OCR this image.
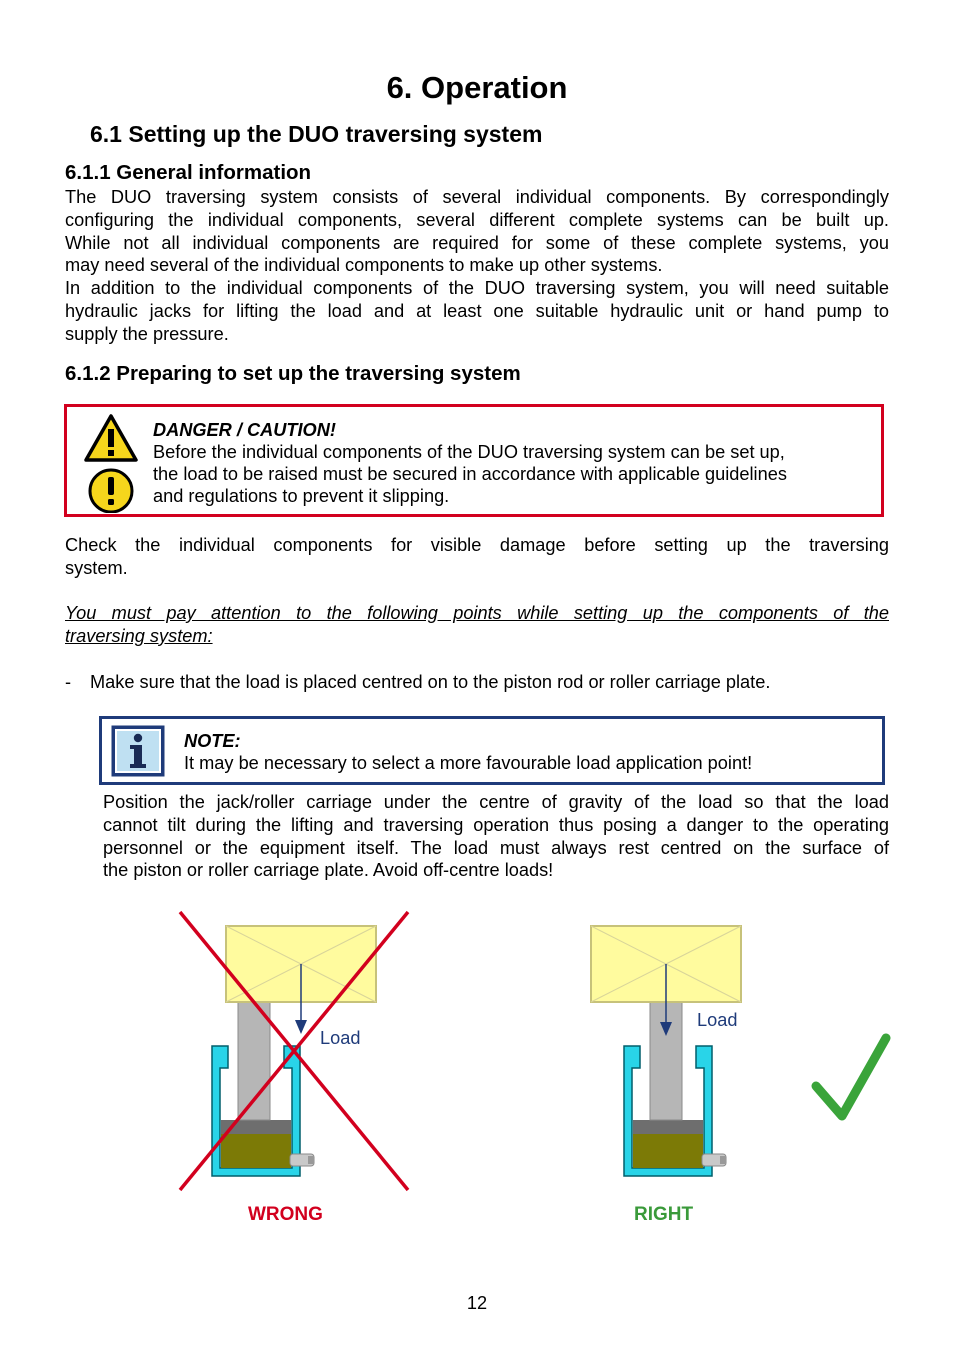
6. Operation
6.1 Setting up the DUO traversing system
6.1.1 General information
The DUO traversing system consists of several individual components. By correspondingly
configuring the individual components, several different complete systems can be built up.
While not all individual components are required for some of these complete systems, you
may need several of the individual components to make up other systems.
In addition to the individual components of the DUO traversing system, you will need suitable
hydraulic jacks for lifting the load and at least one suitable hydraulic unit or hand pump to
supply the pressure.
6.1.2 Preparing to set up the traversing system
DANGER / CAUTION!
Before the individual components of the DUO traversing system can be set up,
the load to be raised must be secured in accordance with applicable guidelines
and regulations to prevent it slipping.
Check the individual components for visible damage before setting up the traversing
system.
You must pay attention to the following points while setting up the components of the
traversing system:
- Make sure that the load is placed centred on to the piston rod or roller carriage plate.
NOTE:
It may be necessary to select a more favourable load application point!
Position the jack/roller carriage under the centre of gravity of the load so that the load
cannot tilt during the lifting and traversing operation thus posing a danger to the operating
personnel or the equipment itself. The load must always rest centred on the surface of
the piston or roller carriage plate. Avoid off-centre loads!
Load
WRONG
Load
RIGHT
12
